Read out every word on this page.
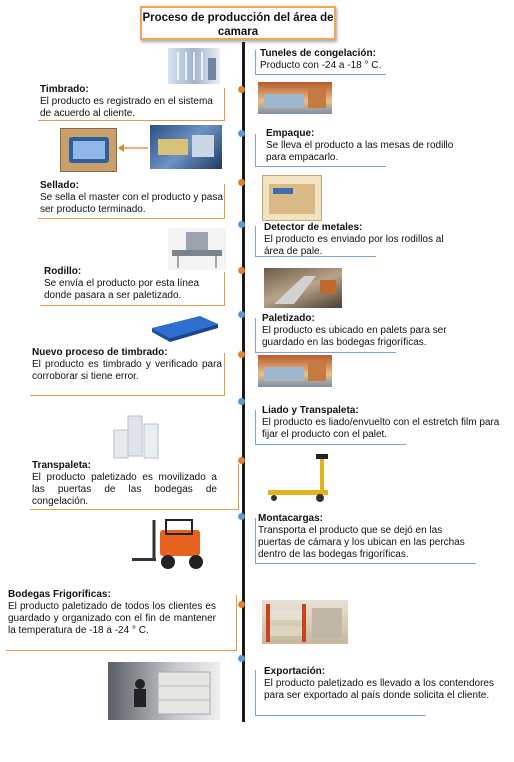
Proceso de producción del área de camara
Tuneles de congelación:
Producto con -24 a -18 ° C.
Timbrado:
El producto es registrado en el sistema de acuerdo al cliente.
Empaque:
Se lleva el producto a las mesas de rodillo para empacarlo.
Sellado:
Se sella el master con el producto y pasa ser producto terminado.
Detector de metales:
El producto es enviado por los rodillos al área de pale.
Rodillo:
Se envía el producto por esta línea donde pasara a ser paletizado.
Paletizado:
El producto es ubicado en palets para ser guardado en las bodegas frigoríficas.
Nuevo proceso de timbrado:
El producto es timbrado y verificado para corroborar si tiene error.
Liado y Transpaleta:
El producto es liado/envuelto con el estretch film para fijar el producto con el palet.
Transpaleta:
El producto paletizado es movilizado a las puertas de las bodegas de congelación.
Montacargas:
Transporta el producto que se dejó en las puertas de cámara y los ubican en las perchas dentro de las bodegas frigoríficas.
Bodegas Frigoríficas:
El producto paletizado de todos los clientes es guardado y organizado con el fin de mantener la temperatura de -18 a -24 ° C.
Exportación:
El producto paletizado es llevado a los contendores para ser exportado al país donde solicita el cliente.
